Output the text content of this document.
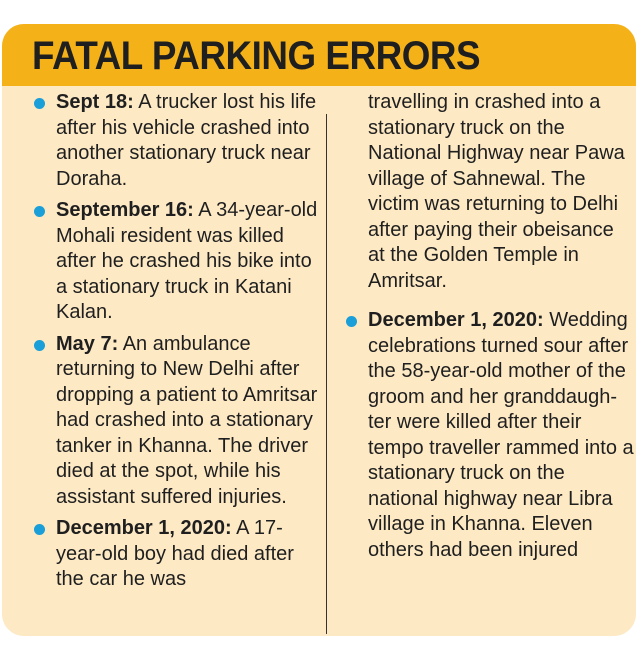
FATAL PARKING ERRORS
Sept 18: A trucker lost his life after his vehicle crashed into another stationary truck near Doraha.
September 16: A 34-year-old Mohali resident was killed after he crashed his bike into a stationary truck in Katani Kalan.
May 7: An ambulance returning to New Delhi after dropping a patient to Amritsar had crashed into a stationary tanker in Khanna. The driver died at the spot, while his assistant suffered injuries.
December 1, 2020: A 17-year-old boy had died after the car he was
travelling in crashed into a stationary truck on the National Highway near Pawa village of Sahnewal. The victim was returning to Delhi after paying their obeisance at the Golden Temple in Amritsar.
December 1, 2020: Wedding celebrations turned sour after the 58-year-old mother of the groom and her granddaugh-ter were killed after their tempo traveller rammed into a stationary truck on the national highway near Libra village in Khanna. Eleven others had been injured
